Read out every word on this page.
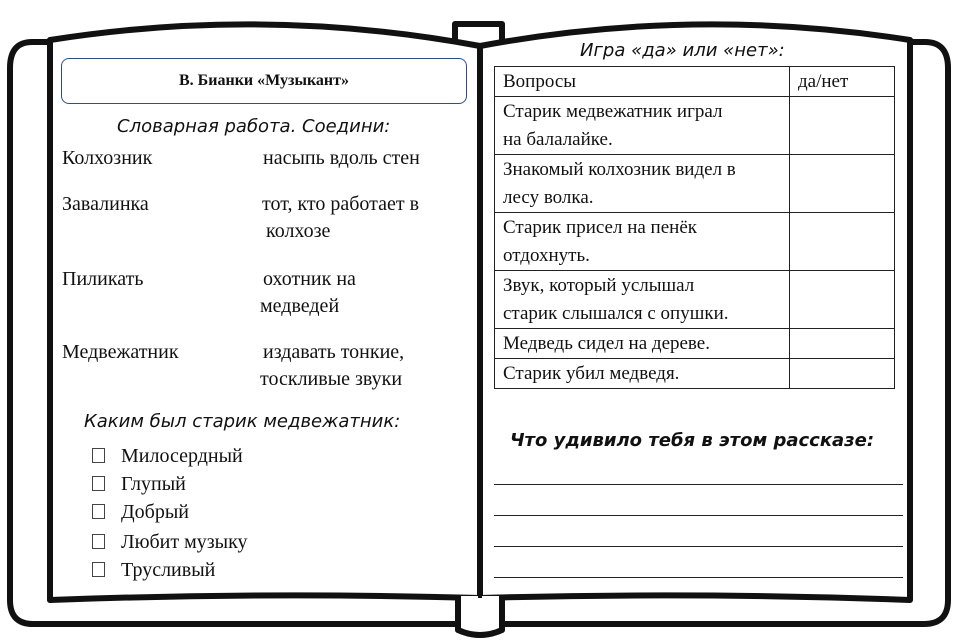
В. Бианки «Музыкант»
Словарная работа. Соедини:
Колхозник	насыпь вдоль стен
Завалинка	тот, кто работает в
колхозе
Пиликать	охотник на
медведей
Медвежатник	издавать тонкие,
тоскливые звуки
Каким был старик медвежатник:
Милосердный
Глупый
Добрый
Любит музыку
Трусливый
Игра «да» или «нет»:
Вопросы	да/нет

Старик медвежатник играл
на балалайке.	

Знакомый колхозник видел в
лесу волка.	

Старик присел на пенёк
отдохнуть.	

Звук, который услышал
старик слышался с опушки.	

Медведь сидел на дереве.	

Старик убил медведя.	

Что удивило тебя в этом рассказе:
